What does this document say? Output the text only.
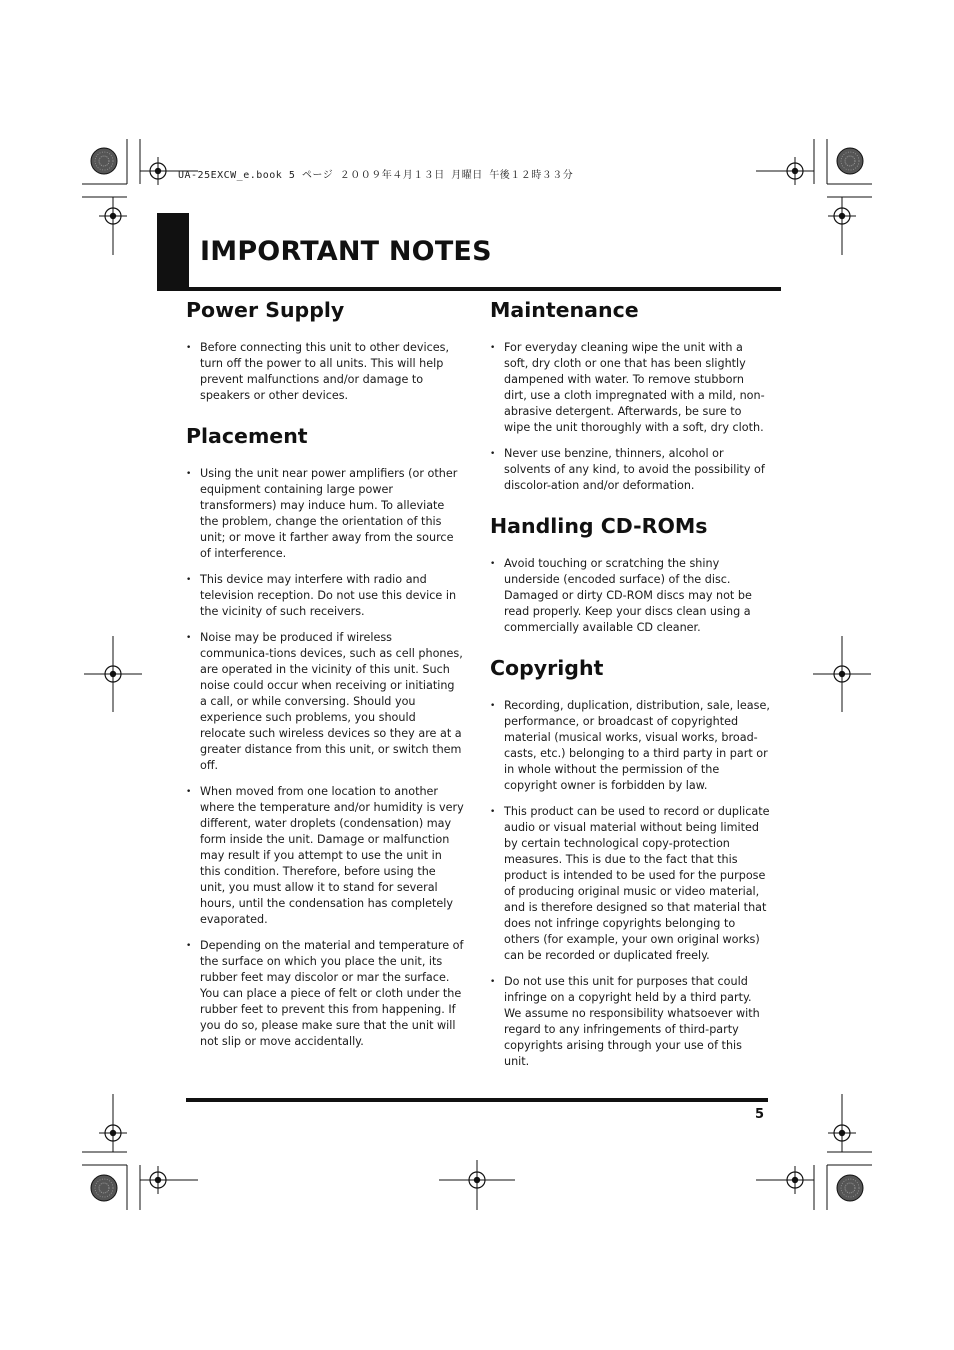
UA-25EXCW_e.book 5 ページ ２００９年４月１３日 月曜日 午後１２時３３分
IMPORTANT NOTES
Power Supply
• Before connecting this unit to other devices, turn off the power to all units. This will help prevent malfunctions and/or damage to speakers or other devices.
Placement
• Using the unit near power amplifiers (or other equipment containing large power transformers) may induce hum. To alleviate the problem, change the orientation of this unit; or move it farther away from the source of interference.
• This device may interfere with radio and television reception. Do not use this device in the vicinity of such receivers.
• Noise may be produced if wireless communica-tions devices, such as cell phones, are operated in the vicinity of this unit. Such noise could occur when receiving or initiating a call, or while conversing. Should you experience such problems, you should relocate such wireless devices so they are at a greater distance from this unit, or switch them off.
• When moved from one location to another where the temperature and/or humidity is very different, water droplets (condensation) may form inside the unit. Damage or malfunction may result if you attempt to use the unit in this condition. Therefore, before using the unit, you must allow it to stand for several hours, until the condensation has completely evaporated.
• Depending on the material and temperature of the surface on which you place the unit, its rubber feet may discolor or mar the surface.

You can place a piece of felt or cloth under the rubber feet to prevent this from happening. If you do so, please make sure that the unit will not slip or move accidentally.

Maintenance
• For everyday cleaning wipe the unit with a soft, dry cloth or one that has been slightly dampened with water. To remove stubborn dirt, use a cloth impregnated with a mild, non-abrasive detergent. Afterwards, be sure to wipe the unit thoroughly with a soft, dry cloth.
• Never use benzine, thinners, alcohol or solvents of any kind, to avoid the possibility of discolor-ation and/or deformation.
Handling CD-ROMs
• Avoid touching or scratching the shiny underside (encoded surface) of the disc. Damaged or dirty CD-ROM discs may not be read properly. Keep your discs clean using a commercially available CD cleaner.
Copyright
• Recording, duplication, distribution, sale, lease, performance, or broadcast of copyrighted material (musical works, visual works, broad-casts, etc.) belonging to a third party in part or in whole without the permission of the copyright owner is forbidden by law.
• This product can be used to record or duplicate audio or visual material without being limited by certain technological copy-protection measures. This is due to the fact that this product is intended to be used for the purpose of producing original music or video material, and is therefore designed so that material that does not infringe copyrights belonging to others (for example, your own original works) can be recorded or duplicated freely.
• Do not use this unit for purposes that could infringe on a copyright held by a third party. We assume no responsibility whatsoever with regard to any infringements of third-party copyrights arising through your use of this unit.
5
